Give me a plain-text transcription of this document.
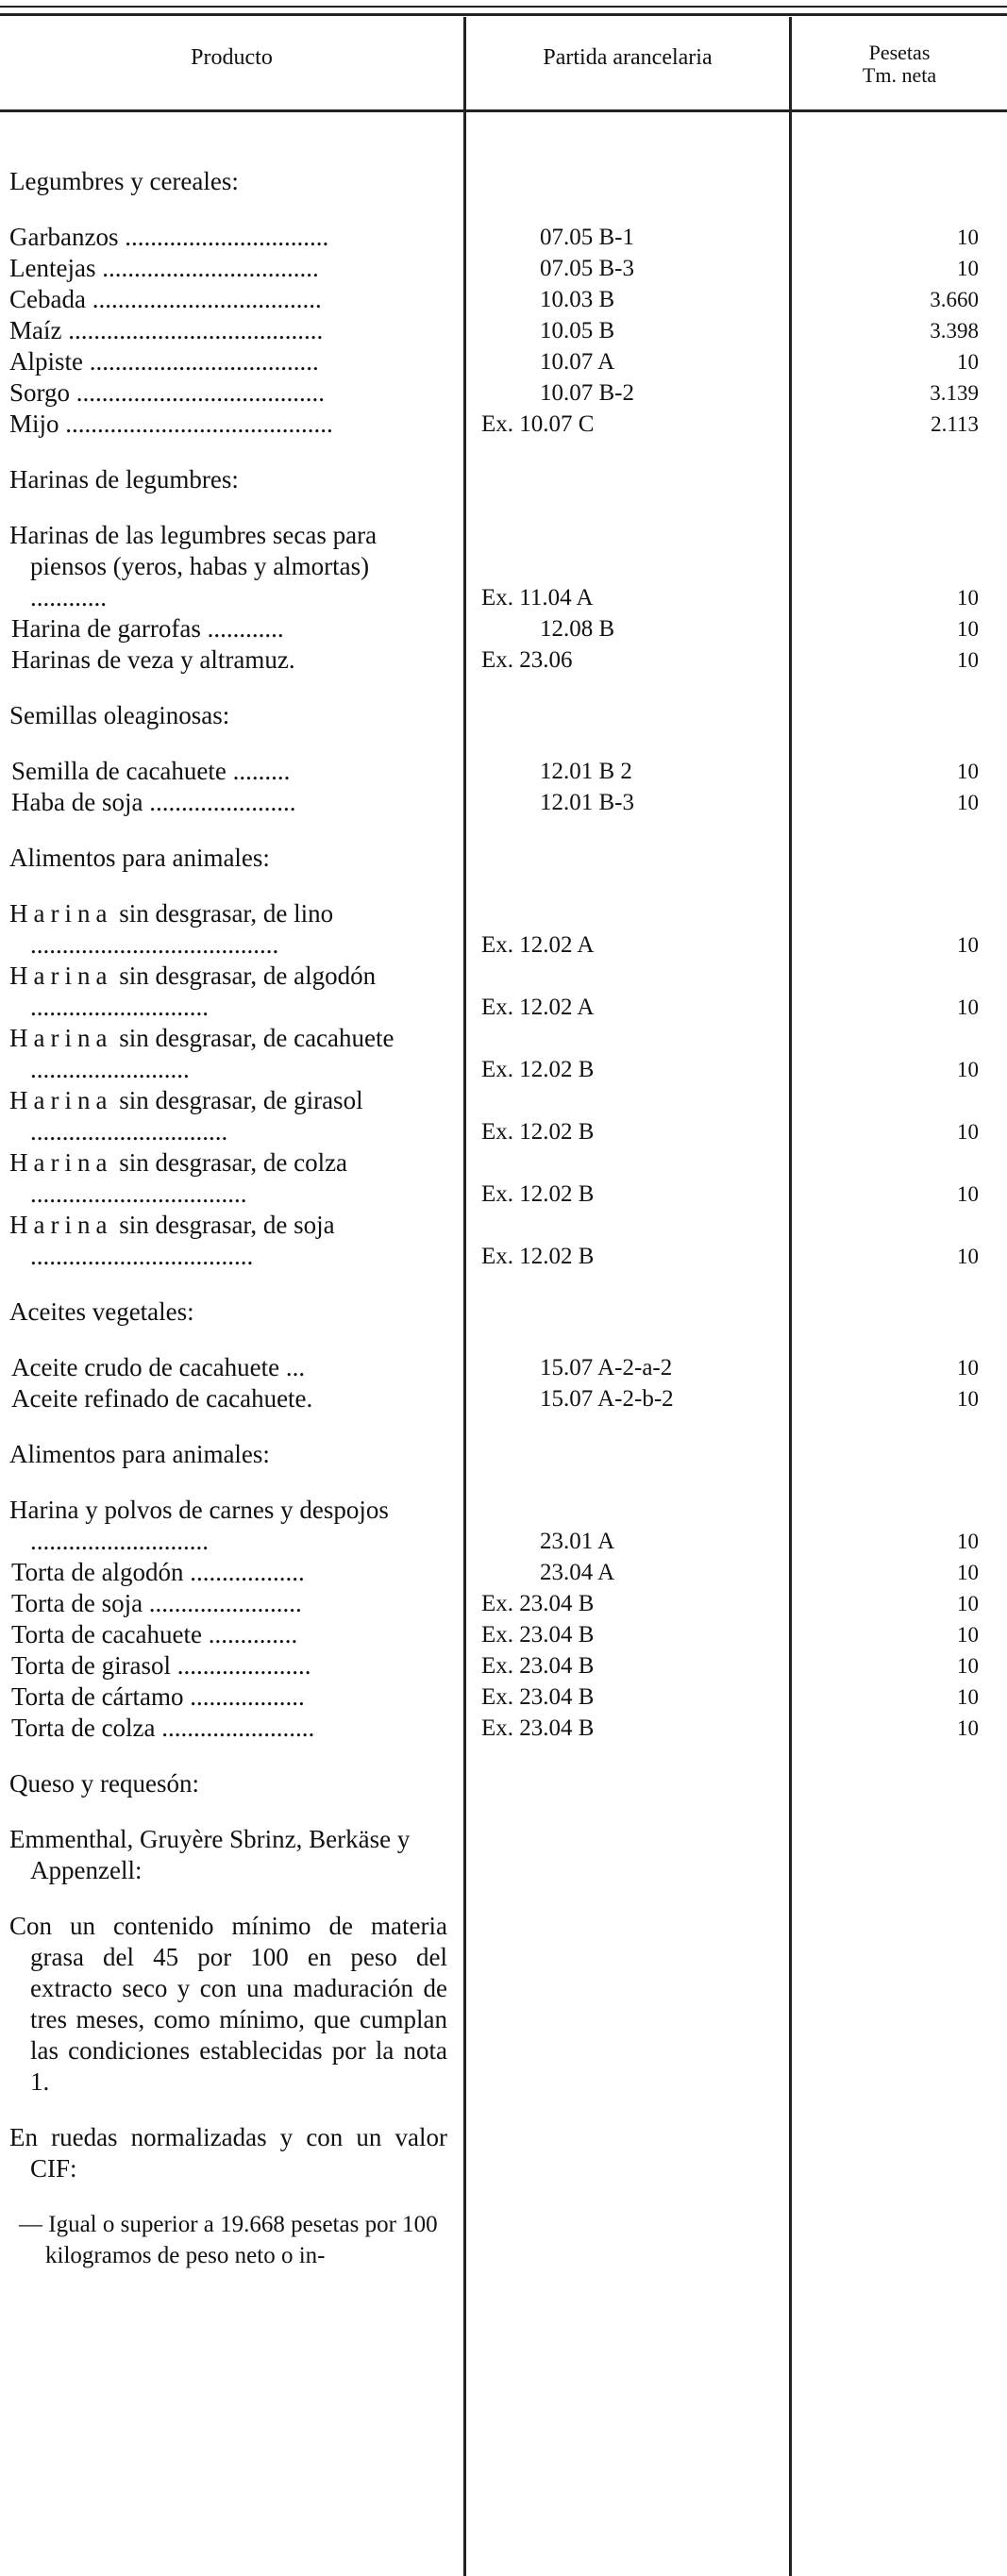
Producto	Partida arancelaria	Pesetas
Tm. neta
Legumbres y cereales:
Garbanzos ................................	07.05 B-1	10
Lentejas ..................................	07.05 B-3	10
Cebada ....................................	10.03 B	3.660
Maíz ........................................	10.05 B	3.398
Alpiste ....................................	10.07 A	10
Sorgo .......................................	10.07 B-2	3.139
Mijo ..........................................	Ex. 10.07 C	2.113
Harinas de legumbres:
Harinas de las legumbres secas para piensos (yeros, habas y almortas) ............	Ex. 11.04 A	10
Harina de garrofas ............	12.08 B	10
Harinas de veza y altramuz.	Ex. 23.06	10
Semillas oleaginosas:
Semilla de cacahuete .........	12.01 B 2	10
Haba de soja .......................	12.01 B-3	10
Alimentos para animales:
Harina sin desgrasar, de lino .......................................	Ex. 12.02 A	10
Harina sin desgrasar, de algodón ............................	Ex. 12.02 A	10
Harina sin desgrasar, de cacahuete .........................	Ex. 12.02 B	10
Harina sin desgrasar, de girasol ...............................	Ex. 12.02 B	10
Harina sin desgrasar, de colza ..................................	Ex. 12.02 B	10
Harina sin desgrasar, de soja ...................................	Ex. 12.02 B	10
Aceites vegetales:
Aceite crudo de cacahuete ...	15.07 A-2-a-2	10
Aceite refinado de cacahuete.	15.07 A-2-b-2	10
Alimentos para animales:
Harina y polvos de carnes y despojos ............................	23.01 A	10
Torta de algodón ..................	23.04 A	10
Torta de soja ........................	Ex. 23.04 B	10
Torta de cacahuete ..............	Ex. 23.04 B	10
Torta de girasol .....................	Ex. 23.04 B	10
Torta de cártamo ..................	Ex. 23.04 B	10
Torta de colza ........................	Ex. 23.04 B	10
Queso y requesón:
Emmenthal, Gruyère Sbrinz, Berkäse y Appenzell:
Con un contenido mínimo de materia grasa del 45 por 100 en peso del extracto seco y con una maduración de tres meses, como mínimo, que cumplan las condiciones establecidas por la nota 1.
En ruedas normalizadas y con un valor CIF:
— Igual o superior a 19.668 pesetas por 100 kilogramos de peso neto o in-
